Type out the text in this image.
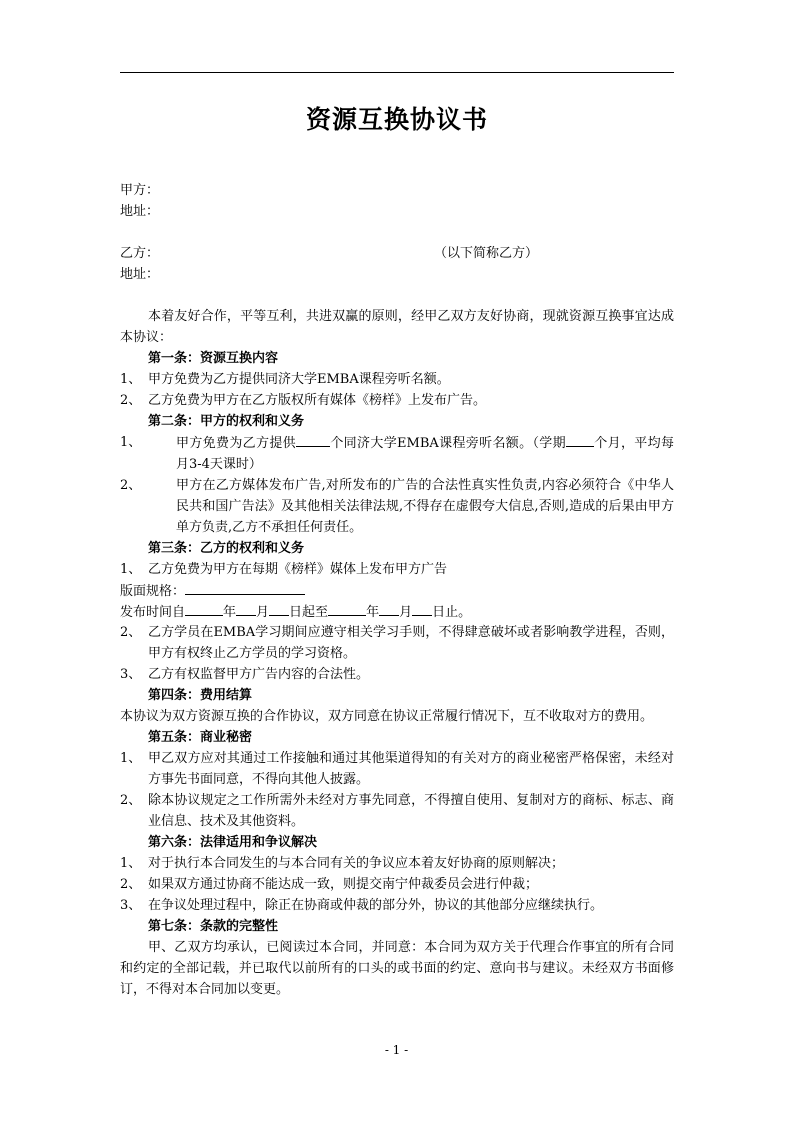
资源互换协议书
甲方：
地址：
乙方：	（以下简称乙方）
地址：
本着友好合作，平等互利，共进双赢的原则，经甲乙双方友好协商，现就资源互换事宜达成本协议：
第一条：资源互换内容
1、 甲方免费为乙方提供同济大学EMBA课程旁听名额。
2、 乙方免费为甲方在乙方版权所有媒体《榜样》上发布广告。
第二条：甲方的权利和义务
1、	甲方免费为乙方提供	个同济大学EMBA课程旁听名额。（学期 个月，平均每月3-4天课时）
2、	甲方在乙方媒体发布广告,对所发布的广告的合法性真实性负责,内容必须符合《中华人民共和国广告法》及其他相关法律法规,不得存在虚假夸大信息,否则,造成的后果由甲方单方负责,乙方不承担任何责任。
第三条：乙方的权利和义务
1、 乙方免费为甲方在每期《榜样》媒体上发布甲方广告
版面规格：
发布时间自	年 月 日起至	年 月 日止。
2、 乙方学员在EMBA学习期间应遵守相关学习手则，不得肆意破坏或者影响教学进程，否则，甲方有权终止乙方学员的学习资格。
3、 乙方有权监督甲方广告内容的合法性。
第四条：费用结算
本协议为双方资源互换的合作协议，双方同意在协议正常履行情况下，互不收取对方的费用。
第五条：商业秘密
1、 甲乙双方应对其通过工作接触和通过其他渠道得知的有关对方的商业秘密严格保密，未经对方事先书面同意，不得向其他人披露。
2、 除本协议规定之工作所需外未经对方事先同意，不得擅自使用、复制对方的商标、标志、商业信息、技术及其他资料。
第六条：法律适用和争议解决
1、 对于执行本合同发生的与本合同有关的争议应本着友好协商的原则解决；
2、 如果双方通过协商不能达成一致，则提交南宁仲裁委员会进行仲裁；
3、 在争议处理过程中，除正在协商或仲裁的部分外，协议的其他部分应继续执行。
第七条：条款的完整性
甲、乙双方均承认，已阅读过本合同，并同意：本合同为双方关于代理合作事宜的所有合同和约定的全部记载，并已取代以前所有的口头的或书面的约定、意向书与建议。未经双方书面修订，不得对本合同加以变更。
- 1 -
